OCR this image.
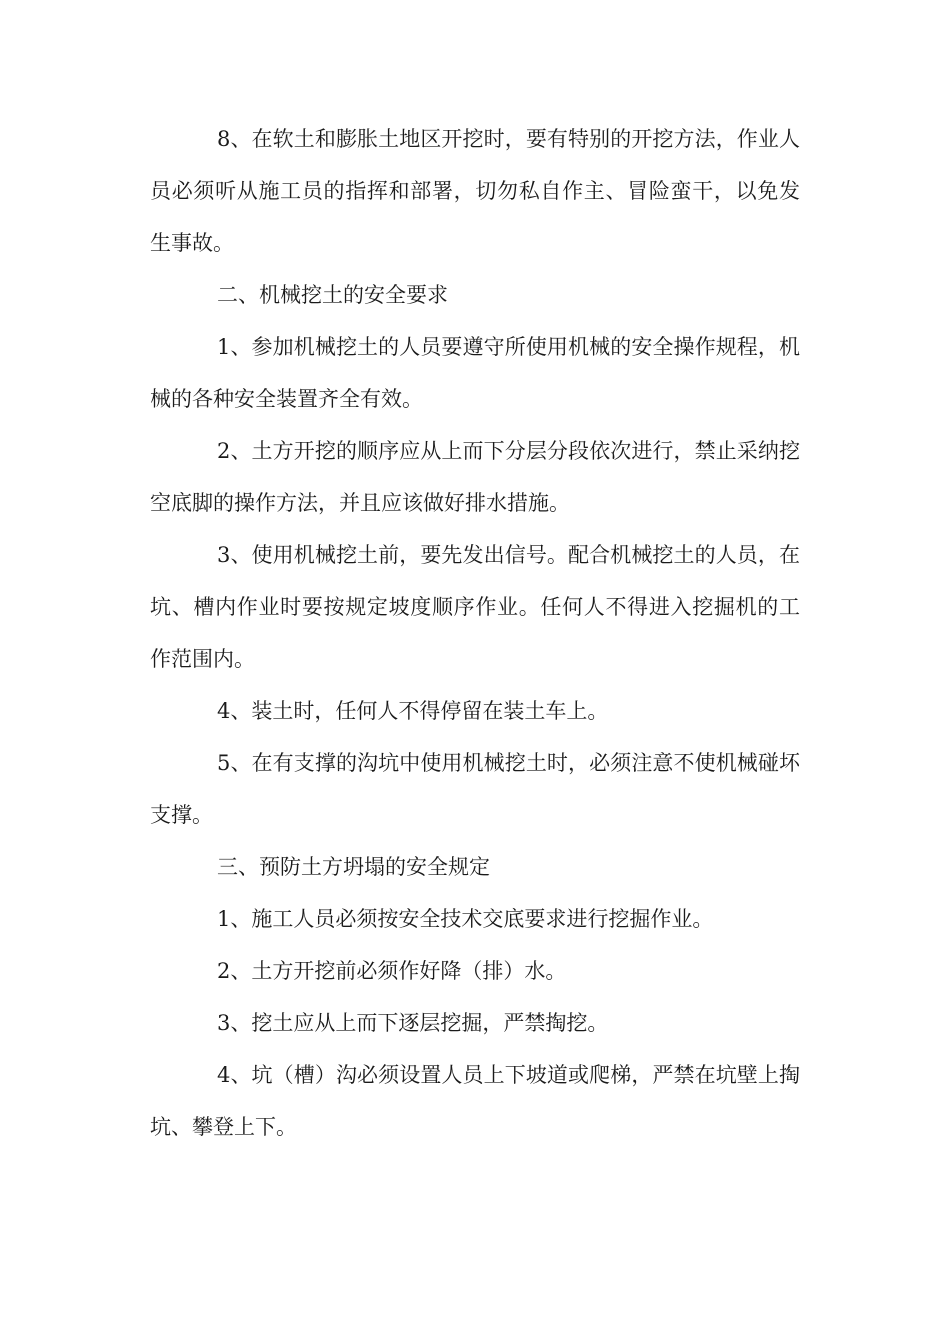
8、在软土和膨胀土地区开挖时，要有特别的开挖方法，作业人员必须听从施工员的指挥和部署，切勿私自作主、冒险蛮干，以免发生事故。

二、机械挖土的安全要求

1、参加机械挖土的人员要遵守所使用机械的安全操作规程，机械的各种安全装置齐全有效。

2、土方开挖的顺序应从上而下分层分段依次进行，禁止采纳挖空底脚的操作方法，并且应该做好排水措施。

3、使用机械挖土前，要先发出信号。配合机械挖土的人员，在坑、槽内作业时要按规定坡度顺序作业。任何人不得进入挖掘机的工作范围内。

4、装土时，任何人不得停留在装土车上。

5、在有支撑的沟坑中使用机械挖土时，必须注意不使机械碰坏支撑。

三、预防土方坍塌的安全规定

1、施工人员必须按安全技术交底要求进行挖掘作业。

2、土方开挖前必须作好降（排）水。

3、挖土应从上而下逐层挖掘，严禁掏挖。

4、坑（槽）沟必须设置人员上下坡道或爬梯，严禁在坑壁上掏坑、攀登上下。
